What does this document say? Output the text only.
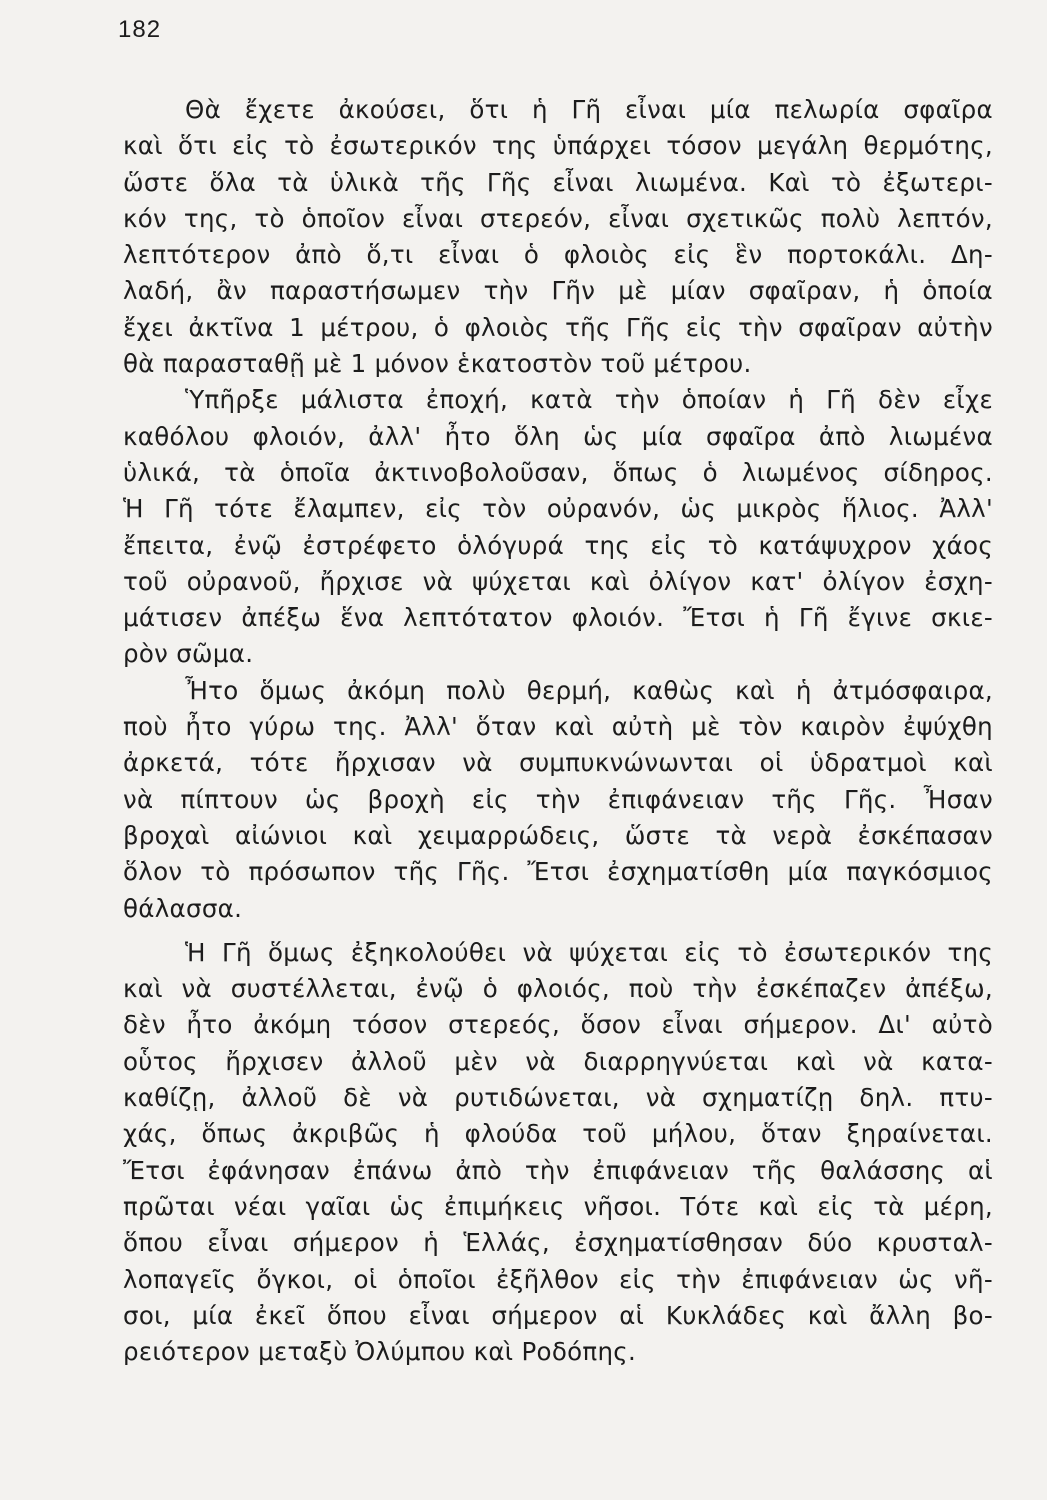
182
Θὰ ἔχετε ἀκούσει, ὅτι ἡ Γῆ εἶναι μία πελωρία σφαῖρα
καὶ ὅτι εἰς τὸ ἐσωτερικόν της ὑπάρχει τόσον μεγάλη θερμότης,
ὥστε ὅλα τὰ ὑλικὰ τῆς Γῆς εἶναι λιωμένα. Καὶ τὸ ἐξωτερι-
κόν της, τὸ ὁποῖον εἶναι στερεόν, εἶναι σχετικῶς πολὺ λεπτόν,
λεπτότερον ἀπὸ ὅ,τι εἶναι ὁ φλοιὸς εἰς ἓν πορτοκάλι. Δη-
λαδή, ἂν παραστήσωμεν τὴν Γῆν μὲ μίαν σφαῖραν, ἡ ὁποία
ἔχει ἀκτῖνα 1 μέτρου, ὁ φλοιὸς τῆς Γῆς εἰς τὴν σφαῖραν αὐτὴν
θὰ παρασταθῇ μὲ 1 μόνον ἑκατοστὸν τοῦ μέτρου.
Ὑπῆρξε μάλιστα ἐποχή, κατὰ τὴν ὁποίαν ἡ Γῆ δὲν εἶχε
καθόλου φλοιόν, ἀλλ' ἦτο ὅλη ὡς μία σφαῖρα ἀπὸ λιωμένα
ὑλικά, τὰ ὁποῖα ἀκτινοβολοῦσαν, ὅπως ὁ λιωμένος σίδηρος.
Ἡ Γῆ τότε ἔλαμπεν, εἰς τὸν οὐρανόν, ὡς μικρὸς ἥλιος. Ἀλλ'
ἔπειτα, ἐνῷ ἐστρέφετο ὁλόγυρά της εἰς τὸ κατάψυχρον χάος
τοῦ οὐρανοῦ, ἤρχισε νὰ ψύχεται καὶ ὀλίγον κατ' ὀλίγον ἐσχη-
μάτισεν ἀπέξω ἕνα λεπτότατον φλοιόν. Ἔτσι ἡ Γῆ ἔγινε σκιε-
ρὸν σῶμα.
Ἦτο ὅμως ἀκόμη πολὺ θερμή, καθὼς καὶ ἡ ἀτμόσφαιρα,
ποὺ ἦτο γύρω της. Ἀλλ' ὅταν καὶ αὐτὴ μὲ τὸν καιρὸν ἐψύχθη
ἀρκετά, τότε ἤρχισαν νὰ συμπυκνώνωνται οἱ ὑδρατμοὶ καὶ
νὰ πίπτουν ὡς βροχὴ εἰς τὴν ἐπιφάνειαν τῆς Γῆς. Ἦσαν
βροχαὶ αἰώνιοι καὶ χειμαρρώδεις, ὥστε τὰ νερὰ ἐσκέπασαν
ὅλον τὸ πρόσωπον τῆς Γῆς. Ἔτσι ἐσχηματίσθη μία παγκόσμιος
θάλασσα.
Ἡ Γῆ ὅμως ἐξηκολούθει νὰ ψύχεται εἰς τὸ ἐσωτερικόν της
καὶ νὰ συστέλλεται, ἐνῷ ὁ φλοιός, ποὺ τὴν ἐσκέπαζεν ἀπέξω,
δὲν ἦτο ἀκόμη τόσον στερεός, ὅσον εἶναι σήμερον. Δι' αὐτὸ
οὗτος ἤρχισεν ἀλλοῦ μὲν νὰ διαρρηγνύεται καὶ νὰ κατα-
καθίζῃ, ἀλλοῦ δὲ νὰ ρυτιδώνεται, νὰ σχηματίζῃ δηλ. πτυ-
χάς, ὅπως ἀκριβῶς ἡ φλούδα τοῦ μήλου, ὅταν ξηραίνεται.
Ἔτσι ἐφάνησαν ἐπάνω ἀπὸ τὴν ἐπιφάνειαν τῆς θαλάσσης αἱ
πρῶται νέαι γαῖαι ὡς ἐπιμήκεις νῆσοι. Τότε καὶ εἰς τὰ μέρη,
ὅπου εἶναι σήμερον ἡ Ἑλλάς, ἐσχηματίσθησαν δύο κρυσταλ-
λοπαγεῖς ὄγκοι, οἱ ὁποῖοι ἐξῆλθον εἰς τὴν ἐπιφάνειαν ὡς νῆ-
σοι, μία ἐκεῖ ὅπου εἶναι σήμερον αἱ Κυκλάδες καὶ ἄλλη βο-
ρειότερον μεταξὺ Ὀλύμπου καὶ Ροδόπης.
